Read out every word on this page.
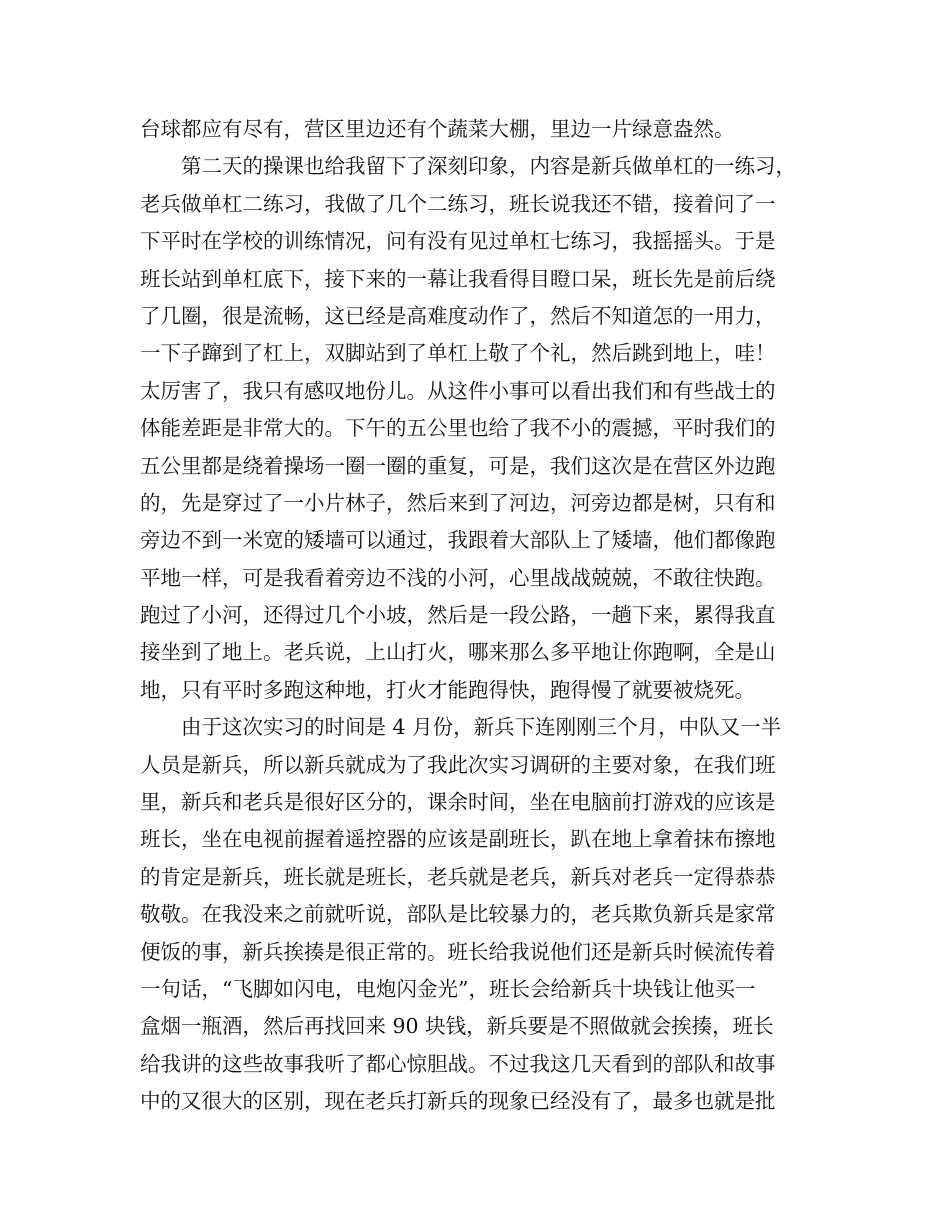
台球都应有尽有，营区里边还有个蔬菜大棚，里边一片绿意盎然。
　　第二天的操课也给我留下了深刻印象，内容是新兵做单杠的一练习，
老兵做单杠二练习，我做了几个二练习，班长说我还不错，接着问了一
下平时在学校的训练情况，问有没有见过单杠七练习，我摇摇头。于是
班长站到单杠底下，接下来的一幕让我看得目瞪口呆，班长先是前后绕
了几圈，很是流畅，这已经是高难度动作了，然后不知道怎的一用力，
一下子蹿到了杠上，双脚站到了单杠上敬了个礼，然后跳到地上，哇！
太厉害了，我只有感叹地份儿。从这件小事可以看出我们和有些战士的
体能差距是非常大的。下午的五公里也给了我不小的震撼，平时我们的
五公里都是绕着操场一圈一圈的重复，可是，我们这次是在营区外边跑
的，先是穿过了一小片林子，然后来到了河边，河旁边都是树，只有和
旁边不到一米宽的矮墙可以通过，我跟着大部队上了矮墙，他们都像跑
平地一样，可是我看着旁边不浅的小河，心里战战兢兢，不敢往快跑。
跑过了小河，还得过几个小坡，然后是一段公路，一趟下来，累得我直
接坐到了地上。老兵说，上山打火，哪来那么多平地让你跑啊，全是山
地，只有平时多跑这种地，打火才能跑得快，跑得慢了就要被烧死。
　　由于这次实习的时间是 4 月份，新兵下连刚刚三个月，中队又一半
人员是新兵，所以新兵就成为了我此次实习调研的主要对象，在我们班
里，新兵和老兵是很好区分的，课余时间，坐在电脑前打游戏的应该是
班长，坐在电视前握着遥控器的应该是副班长，趴在地上拿着抹布擦地
的肯定是新兵，班长就是班长，老兵就是老兵，新兵对老兵一定得恭恭
敬敬。在我没来之前就听说，部队是比较暴力的，老兵欺负新兵是家常
便饭的事，新兵挨揍是很正常的。班长给我说他们还是新兵时候流传着
一句话，“飞脚如闪电，电炮闪金光”，班长会给新兵十块钱让他买一
盒烟一瓶酒，然后再找回来 90 块钱，新兵要是不照做就会挨揍，班长
给我讲的这些故事我听了都心惊胆战。不过我这几天看到的部队和故事
中的又很大的区别，现在老兵打新兵的现象已经没有了，最多也就是批
